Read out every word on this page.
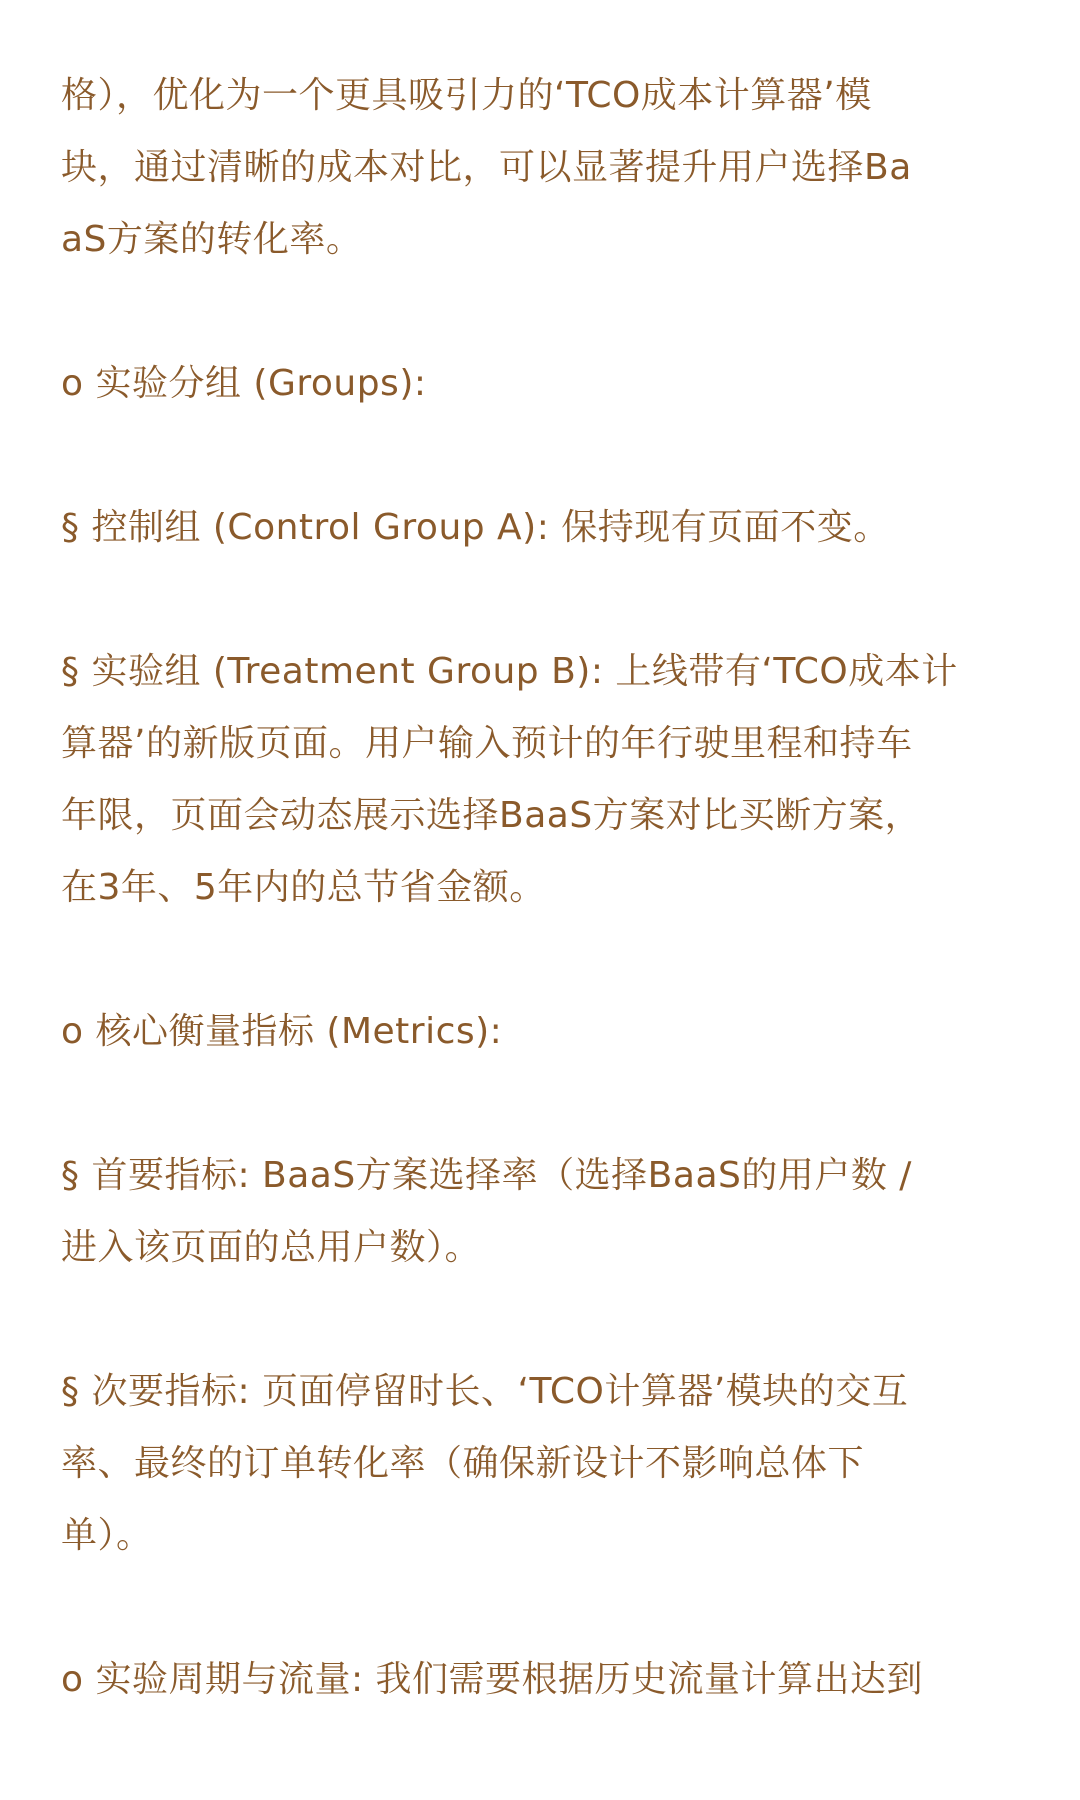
格），优化为一个更具吸引力的‘TCO成本计算器’模
块，通过清晰的成本对比，可以显著提升用户选择Ba
aS方案的转化率。

o 实验分组 (Groups):

§ 控制组 (Control Group A): 保持现有页面不变。

§ 实验组 (Treatment Group B): 上线带有‘TCO成本计
算器’的新版页面。用户输入预计的年行驶里程和持车
年限，页面会动态展示选择BaaS方案对比买断方案，
在3年、5年内的总节省金额。

o 核心衡量指标 (Metrics):

§ 首要指标: BaaS方案选择率（选择BaaS的用户数 /
进入该页面的总用户数）。

§ 次要指标: 页面停留时长、‘TCO计算器’模块的交互
率、最终的订单转化率（确保新设计不影响总体下
单）。

o 实验周期与流量: 我们需要根据历史流量计算出达到
